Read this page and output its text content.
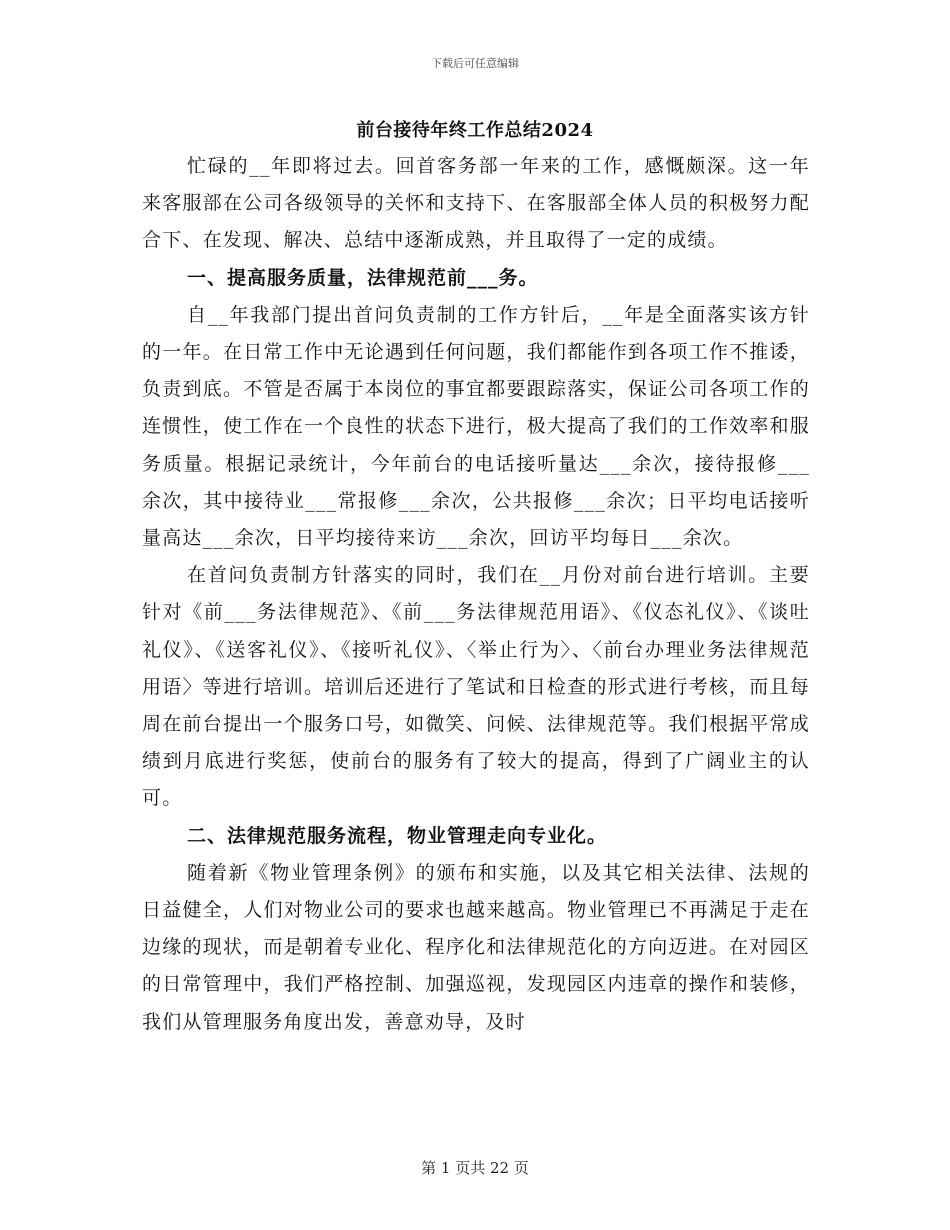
下载后可任意编辑
前台接待年终工作总结2024

忙碌的__年即将过去。回首客务部一年来的工作，感慨颇深。这一年来客服部在公司各级领导的关怀和支持下、在客服部全体人员的积极努力配合下、在发现、解决、总结中逐渐成熟，并且取得了一定的成绩。

一、提高服务质量，法律规范前___务。

自__年我部门提出首问负责制的工作方针后，__年是全面落实该方针的一年。在日常工作中无论遇到任何问题，我们都能作到各项工作不推诿，负责到底。不管是否属于本岗位的事宜都要跟踪落实，保证公司各项工作的连惯性，使工作在一个良性的状态下进行，极大提高了我们的工作效率和服务质量。根据记录统计，今年前台的电话接听量达___余次，接待报修___余次，其中接待业___常报修___余次，公共报修___余次；日平均电话接听量高达___余次，日平均接待来访___余次，回访平均每日___余次。

在首问负责制方针落实的同时，我们在__月份对前台进行培训。主要针对《前___务法律规范》、《前___务法律规范用语》、《仪态礼仪》、《谈吐礼仪》、《送客礼仪》、《接听礼仪》、〈举止行为〉、〈前台办理业务法律规范用语〉等进行培训。培训后还进行了笔试和日检查的形式进行考核，而且每周在前台提出一个服务口号，如微笑、问候、法律规范等。我们根据平常成绩到月底进行奖惩，使前台的服务有了较大的提高，得到了广阔业主的认可。

二、法律规范服务流程，物业管理走向专业化。

随着新《物业管理条例》的颁布和实施，以及其它相关法律、法规的日益健全，人们对物业公司的要求也越来越高。物业管理已不再满足于走在边缘的现状，而是朝着专业化、程序化和法律规范化的方向迈进。在对园区的日常管理中，我们严格控制、加强巡视，发现园区内违章的操作和装修，我们从管理服务角度出发，善意劝导，及时

第 1 页共 22 页
